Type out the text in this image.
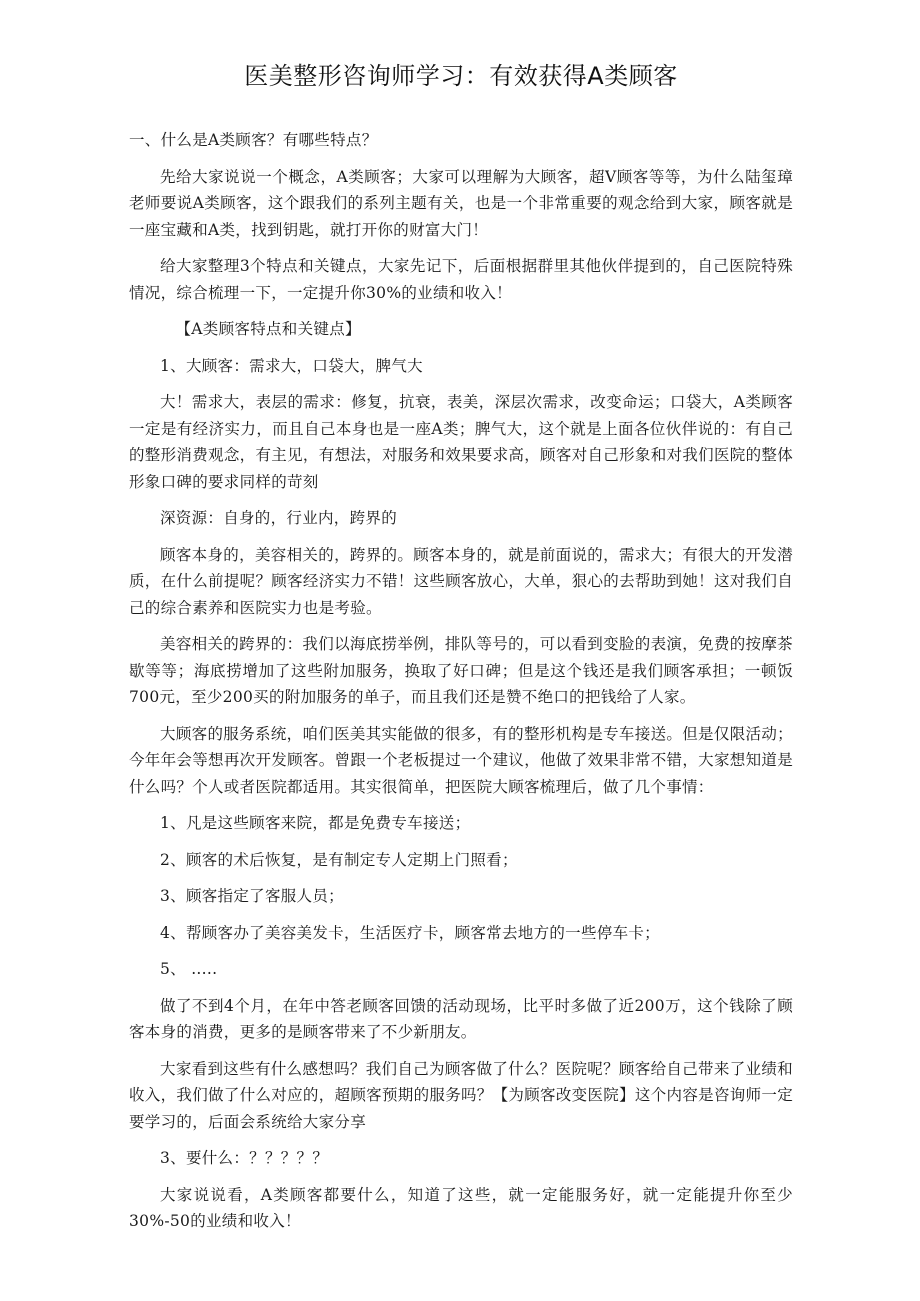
医美整形咨询师学习：有效获得A类顾客

一、什么是A类顾客？有哪些特点？

先给大家说说一个概念，A类顾客；大家可以理解为大顾客，超V顾客等等，为什么陆玺璋老师要说A类顾客，这个跟我们的系列主题有关，也是一个非常重要的观念给到大家，顾客就是一座宝藏和A类，找到钥匙，就打开你的财富大门！

给大家整理3个特点和关键点，大家先记下，后面根据群里其他伙伴提到的，自己医院特殊情况，综合梳理一下，一定提升你30%的业绩和收入！

【A类顾客特点和关键点】

1、大顾客：需求大，口袋大，脾气大

大！需求大，表层的需求：修复，抗衰，表美，深层次需求，改变命运；口袋大，A类顾客一定是有经济实力，而且自己本身也是一座A类；脾气大，这个就是上面各位伙伴说的：有自己的整形消费观念，有主见，有想法，对服务和效果要求高，顾客对自己形象和对我们医院的整体形象口碑的要求同样的苛刻

深资源：自身的，行业内，跨界的

顾客本身的，美容相关的，跨界的。顾客本身的，就是前面说的，需求大；有很大的开发潜质，在什么前提呢？顾客经济实力不错！这些顾客放心，大单，狠心的去帮助到她！这对我们自己的综合素养和医院实力也是考验。

美容相关的跨界的：我们以海底捞举例，排队等号的，可以看到变脸的表演，免费的按摩茶歇等等；海底捞增加了这些附加服务，换取了好口碑；但是这个钱还是我们顾客承担；一顿饭700元，至少200买的附加服务的单子，而且我们还是赞不绝口的把钱给了人家。

大顾客的服务系统，咱们医美其实能做的很多，有的整形机构是专车接送。但是仅限活动；今年年会等想再次开发顾客。曾跟一个老板提过一个建议，他做了效果非常不错，大家想知道是什么吗？个人或者医院都适用。其实很简单，把医院大顾客梳理后，做了几个事情：

1、凡是这些顾客来院，都是免费专车接送；

2、顾客的术后恢复，是有制定专人定期上门照看；

3、顾客指定了客服人员；

4、帮顾客办了美容美发卡，生活医疗卡，顾客常去地方的一些停车卡；

5、 .....

做了不到4个月，在年中答老顾客回馈的活动现场，比平时多做了近200万，这个钱除了顾客本身的消费，更多的是顾客带来了不少新朋友。

大家看到这些有什么感想吗？我们自己为顾客做了什么？医院呢？顾客给自己带来了业绩和收入，我们做了什么对应的，超顾客预期的服务吗？【为顾客改变医院】这个内容是咨询师一定要学习的，后面会系统给大家分享

3、要什么：？？？？？

大家说说看，A类顾客都要什么，知道了这些，就一定能服务好，就一定能提升你至少30%-50的业绩和收入！
